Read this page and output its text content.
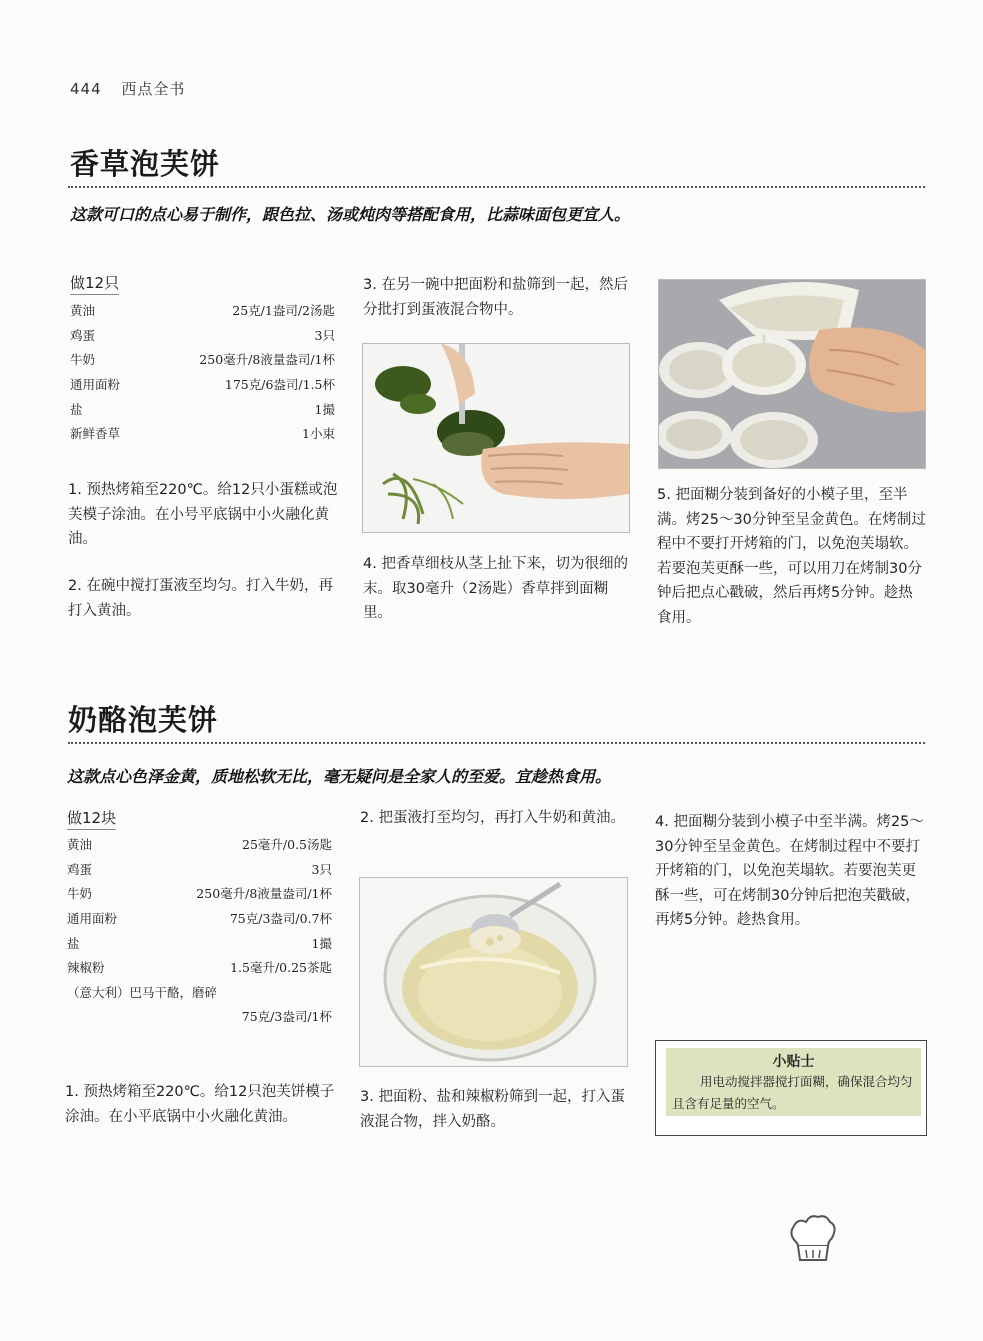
444 西点全书
香草泡芙饼
这款可口的点心易于制作，跟色拉、汤或炖肉等搭配食用，比蒜味面包更宜人。
做12只
黄油	25克/1盎司/2汤匙
鸡蛋	3只
牛奶	250毫升/8液量盎司/1杯
通用面粉	175克/6盎司/1.5杯
盐	1撮
新鲜香草	1小束
1. 预热烤箱至220℃。给12只小蛋糕或泡芙模子涂油。在小号平底锅中小火融化黄油。
2. 在碗中搅打蛋液至均匀。打入牛奶，再打入黄油。
3. 在另一碗中把面粉和盐筛到一起，然后分批打到蛋液混合物中。
4. 把香草细枝从茎上扯下来，切为很细的末。取30毫升（2汤匙）香草拌到面糊里。
5. 把面糊分装到备好的小模子里，至半满。烤25～30分钟至呈金黄色。在烤制过程中不要打开烤箱的门，以免泡芙塌软。若要泡芙更酥一些，可以用刀在烤制30分钟后把点心戳破，然后再烤5分钟。趁热食用。
奶酪泡芙饼
这款点心色泽金黄，质地松软无比，毫无疑问是全家人的至爱。宜趁热食用。
做12块
黄油	25毫升/0.5汤匙
鸡蛋	3只
牛奶	250毫升/8液量盎司/1杯
通用面粉	75克/3盎司/0.7杯
盐	1撮
辣椒粉	1.5毫升/0.25茶匙
（意大利）巴马干酪，磨碎	
	75克/3盎司/1杯
1. 预热烤箱至220℃。给12只泡芙饼模子涂油。在小平底锅中小火融化黄油。
2. 把蛋液打至均匀，再打入牛奶和黄油。
3. 把面粉、盐和辣椒粉筛到一起，打入蛋液混合物，拌入奶酪。
4. 把面糊分装到小模子中至半满。烤25～30分钟至呈金黄色。在烤制过程中不要打开烤箱的门，以免泡芙塌软。若要泡芙更酥一些，可在烤制30分钟后把泡芙戳破，再烤5分钟。趁热食用。
小贴士
用电动搅拌器搅打面糊，确保混合均匀且含有足量的空气。
